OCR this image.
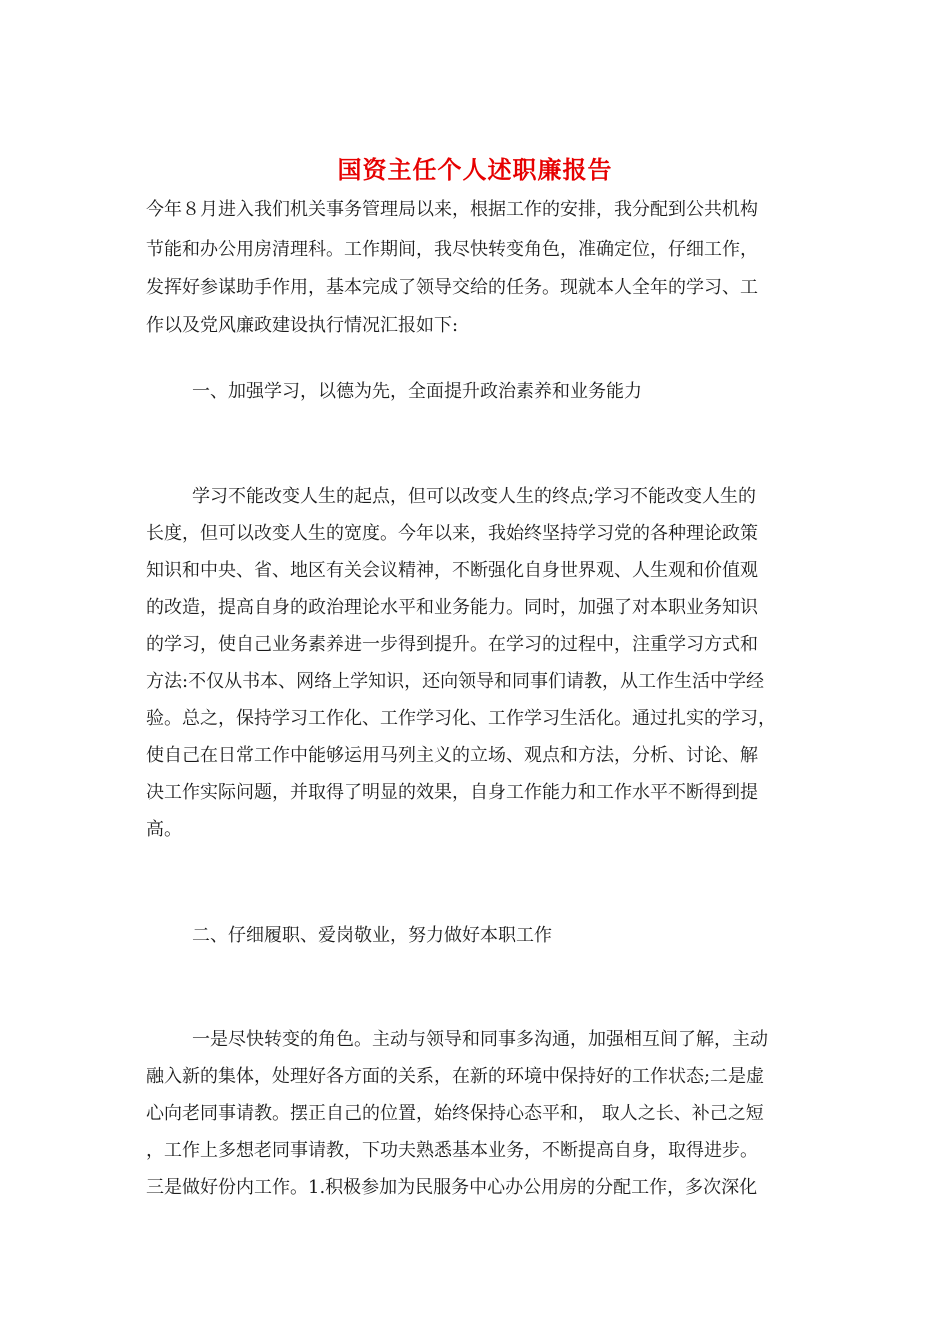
国资主任个人述职廉报告
今年８月进入我们机关事务管理局以来，根据工作的安排，我分配到公共机构
节能和办公用房清理科。工作期间，我尽快转变角色，准确定位，仔细工作，
发挥好参谋助手作用，基本完成了领导交给的任务。现就本人全年的学习、工
作以及党风廉政建设执行情况汇报如下:
一、加强学习，以德为先，全面提升政治素养和业务能力
学习不能改变人生的起点，但可以改变人生的终点;学习不能改变人生的
长度，但可以改变人生的宽度。今年以来，我始终坚持学习党的各种理论政策
知识和中央、省、地区有关会议精神，不断强化自身世界观、人生观和价值观
的改造，提高自身的政治理论水平和业务能力。同时，加强了对本职业务知识
的学习，使自己业务素养进一步得到提升。在学习的过程中，注重学习方式和
方法:不仅从书本、网络上学知识，还向领导和同事们请教，从工作生活中学经
验。总之，保持学习工作化、工作学习化、工作学习生活化。通过扎实的学习，
使自己在日常工作中能够运用马列主义的立场、观点和方法，分析、讨论、解
决工作实际问题，并取得了明显的效果，自身工作能力和工作水平不断得到提
高。
二、仔细履职、爱岗敬业，努力做好本职工作
一是尽快转变的角色。主动与领导和同事多沟通，加强相互间了解，主动
融入新的集体，处理好各方面的关系，在新的环境中保持好的工作状态;二是虚
心向老同事请教。摆正自己的位置，始终保持心态平和， 取人之长、补己之短
，工作上多想老同事请教，下功夫熟悉基本业务，不断提高自身，取得进步。
三是做好份内工作。1.积极参加为民服务中心办公用房的分配工作，多次深化
